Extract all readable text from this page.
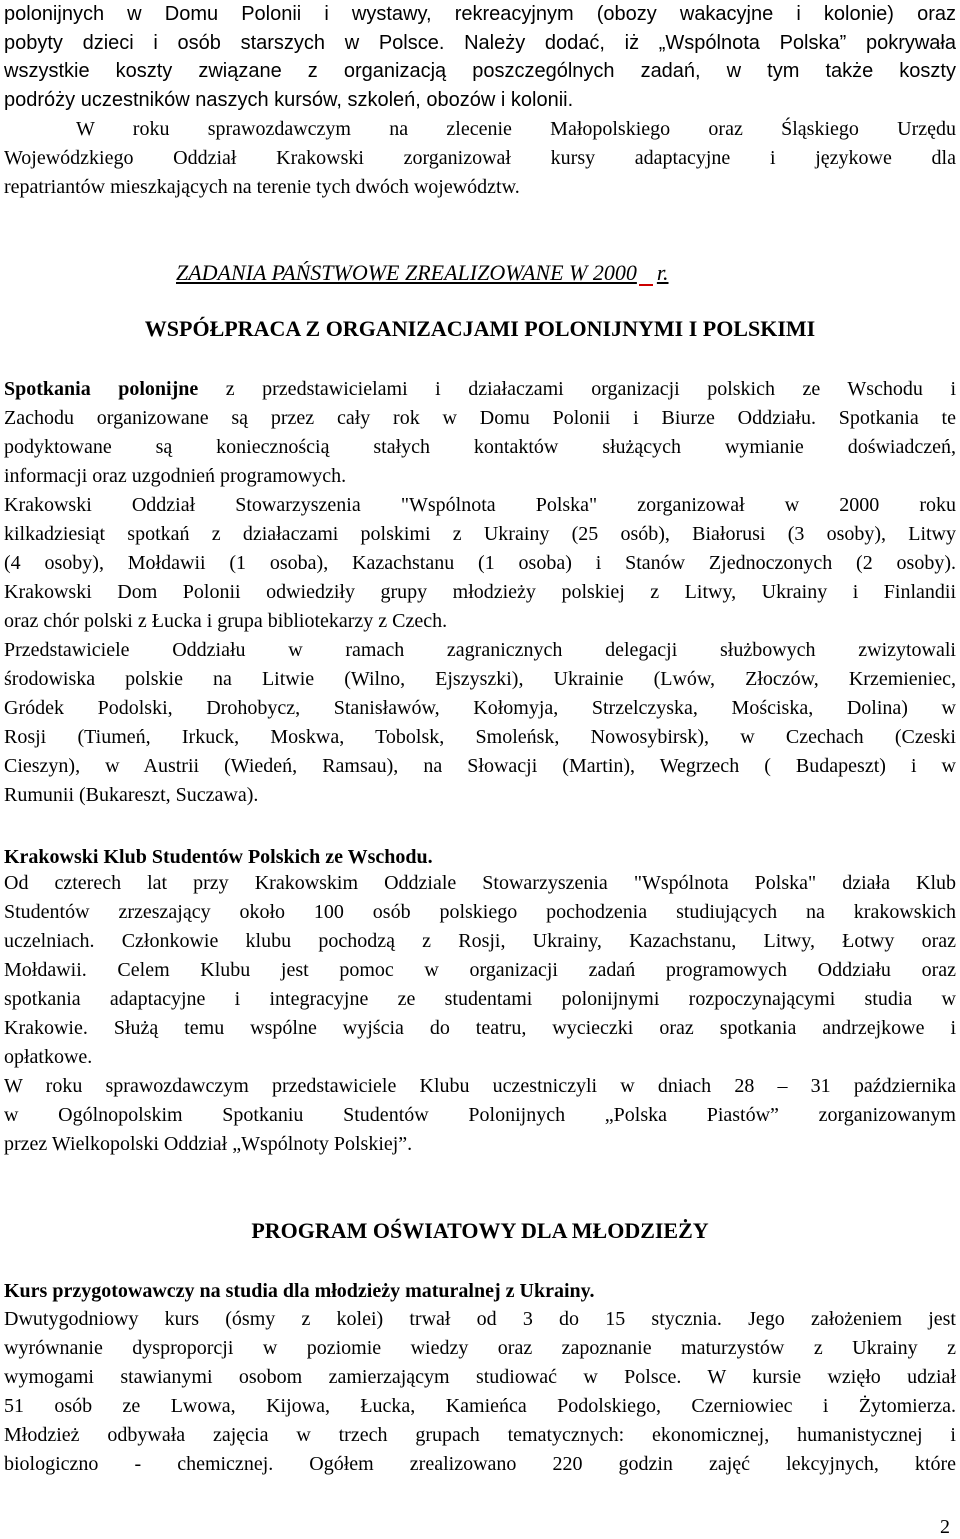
polonijnych w Domu Polonii i wystawy, rekreacyjnym (obozy wakacyjne i kolonie) oraz
pobyty dzieci i osób starszych w Polsce. Należy dodać, iż „Wspólnota Polska” pokrywała
wszystkie koszty związane z organizacją poszczególnych zadań, w tym także koszty
podróży uczestników naszych kursów, szkoleń, obozów i kolonii.
W roku sprawozdawczym na zlecenie Małopolskiego oraz Śląskiego Urzędu
Wojewódzkiego Oddział Krakowski zorganizował kursy adaptacyjne i językowe dla
repatriantów mieszkających na terenie tych dwóch województw.
ZADANIA PAŃSTWOWE ZREALIZOWANE W 2000 r.
WSPÓŁPRACA Z ORGANIZACJAMI POLONIJNYMI I POLSKIMI
Spotkania polonijne z przedstawicielami i działaczami organizacji polskich ze Wschodu i
Zachodu organizowane są przez cały rok w Domu Polonii i Biurze Oddziału. Spotkania te
podyktowane są koniecznością stałych kontaktów służących wymianie doświadczeń,
informacji oraz uzgodnień programowych.
Krakowski Oddział Stowarzyszenia "Wspólnota Polska" zorganizował w 2000 roku
kilkadziesiąt spotkań z działaczami polskimi z Ukrainy (25 osób), Białorusi (3 osoby), Litwy
(4 osoby), Mołdawii (1 osoba), Kazachstanu (1 osoba) i Stanów Zjednoczonych (2 osoby).
Krakowski Dom Polonii odwiedziły grupy młodzieży polskiej z Litwy, Ukrainy i Finlandii
oraz chór polski z Łucka i grupa bibliotekarzy z Czech.
Przedstawiciele Oddziału w ramach zagranicznych delegacji służbowych zwizytowali
środowiska polskie na Litwie (Wilno, Ejszyszki), Ukrainie (Lwów, Złoczów, Krzemieniec,
Gródek Podolski, Drohobycz, Stanisławów, Kołomyja, Strzelczyska, Mościska, Dolina) w
Rosji (Tiumeń, Irkuck, Moskwa, Tobolsk, Smoleńsk, Nowosybirsk), w Czechach (Czeski
Cieszyn), w Austrii (Wiedeń, Ramsau), na Słowacji (Martin), Wegrzech ( Budapeszt) i w
Rumunii (Bukareszt, Suczawa).
Krakowski Klub Studentów Polskich ze Wschodu.
Od czterech lat przy Krakowskim Oddziale Stowarzyszenia "Wspólnota Polska" działa Klub
Studentów zrzeszający około 100 osób polskiego pochodzenia studiujących na krakowskich
uczelniach. Członkowie klubu pochodzą z Rosji, Ukrainy, Kazachstanu, Litwy, Łotwy oraz
Mołdawii. Celem Klubu jest pomoc w organizacji zadań programowych Oddziału oraz
spotkania adaptacyjne i integracyjne ze studentami polonijnymi rozpoczynającymi studia w
Krakowie. Służą temu wspólne wyjścia do teatru, wycieczki oraz spotkania andrzejkowe i
opłatkowe.
W roku sprawozdawczym przedstawiciele Klubu uczestniczyli w dniach 28 – 31 października
w Ogólnopolskim Spotkaniu Studentów Polonijnych „Polska Piastów” zorganizowanym
przez Wielkopolski Oddział „Wspólnoty Polskiej”.
PROGRAM OŚWIATOWY DLA MŁODZIEŻY
Kurs przygotowawczy na studia dla młodzieży maturalnej z Ukrainy.
Dwutygodniowy kurs (ósmy z kolei) trwał od 3 do 15 stycznia. Jego założeniem jest
wyrównanie dysproporcji w poziomie wiedzy oraz zapoznanie maturzystów z Ukrainy z
wymogami stawianymi osobom zamierzającym studiować w Polsce. W kursie wzięło udział
51 osób ze Lwowa, Kijowa, Łucka, Kamieńca Podolskiego, Czerniowiec i Żytomierza.
Młodzież odbywała zajęcia w trzech grupach tematycznych: ekonomicznej, humanistycznej i
biologiczno - chemicznej. Ogółem zrealizowano 220 godzin zajęć lekcyjnych, które
2
